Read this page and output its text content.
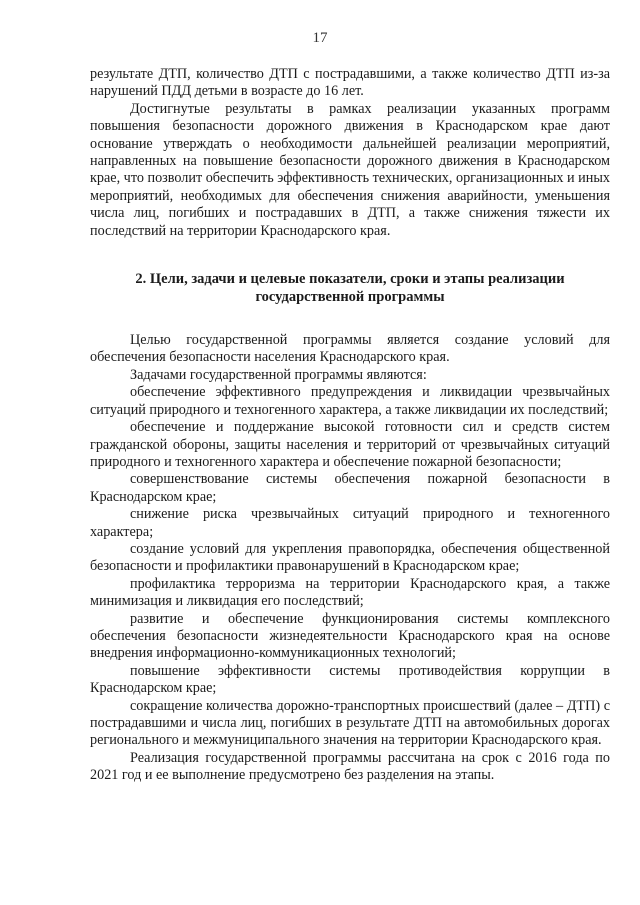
17

результате ДТП, количество ДТП с пострадавшими, а также количество ДТП из-за нарушений ПДД детьми в возрасте до 16 лет.

Достигнутые результаты в рамках реализации указанных программ повышения безопасности дорожного движения в Краснодарском крае дают основание утверждать о необходимости дальнейшей реализации мероприятий, направленных на повышение безопасности дорожного движения в Краснодарском крае, что позволит обеспечить эффективность технических, организационных и иных мероприятий, необходимых для обеспечения снижения аварийности, уменьшения числа лиц, погибших и пострадавших в ДТП, а также снижения тяжести их последствий на территории Краснодарского края.

2. Цели, задачи и целевые показатели, сроки и этапы реализации государственной программы

Целью государственной программы является создание условий для обеспечения безопасности населения Краснодарского края.

Задачами государственной программы являются:

обеспечение эффективного предупреждения и ликвидации чрезвычайных ситуаций природного и техногенного характера, а также ликвидации их последствий;

обеспечение и поддержание высокой готовности сил и средств систем гражданской обороны, защиты населения и территорий от чрезвычайных ситуаций природного и техногенного характера и обеспечение пожарной безопасности;

совершенствование системы обеспечения пожарной безопасности в Краснодарском крае;

снижение риска чрезвычайных ситуаций природного и техногенного характера;

создание условий для укрепления правопорядка, обеспечения общественной безопасности и профилактики правонарушений в Краснодарском крае;

профилактика терроризма на территории Краснодарского края, а также минимизация и ликвидация его последствий;

развитие и обеспечение функционирования системы комплексного обеспечения безопасности жизнедеятельности Краснодарского края на основе внедрения информационно-коммуникационных технологий;

повышение эффективности системы противодействия коррупции в Краснодарском крае;

сокращение количества дорожно-транспортных происшествий (далее – ДТП) с пострадавшими и числа лиц, погибших в результате ДТП на автомобильных дорогах регионального и межмуниципального значения на территории Краснодарского края.

Реализация государственной программы рассчитана на срок с 2016 года по 2021 год и ее выполнение предусмотрено без разделения на этапы.
